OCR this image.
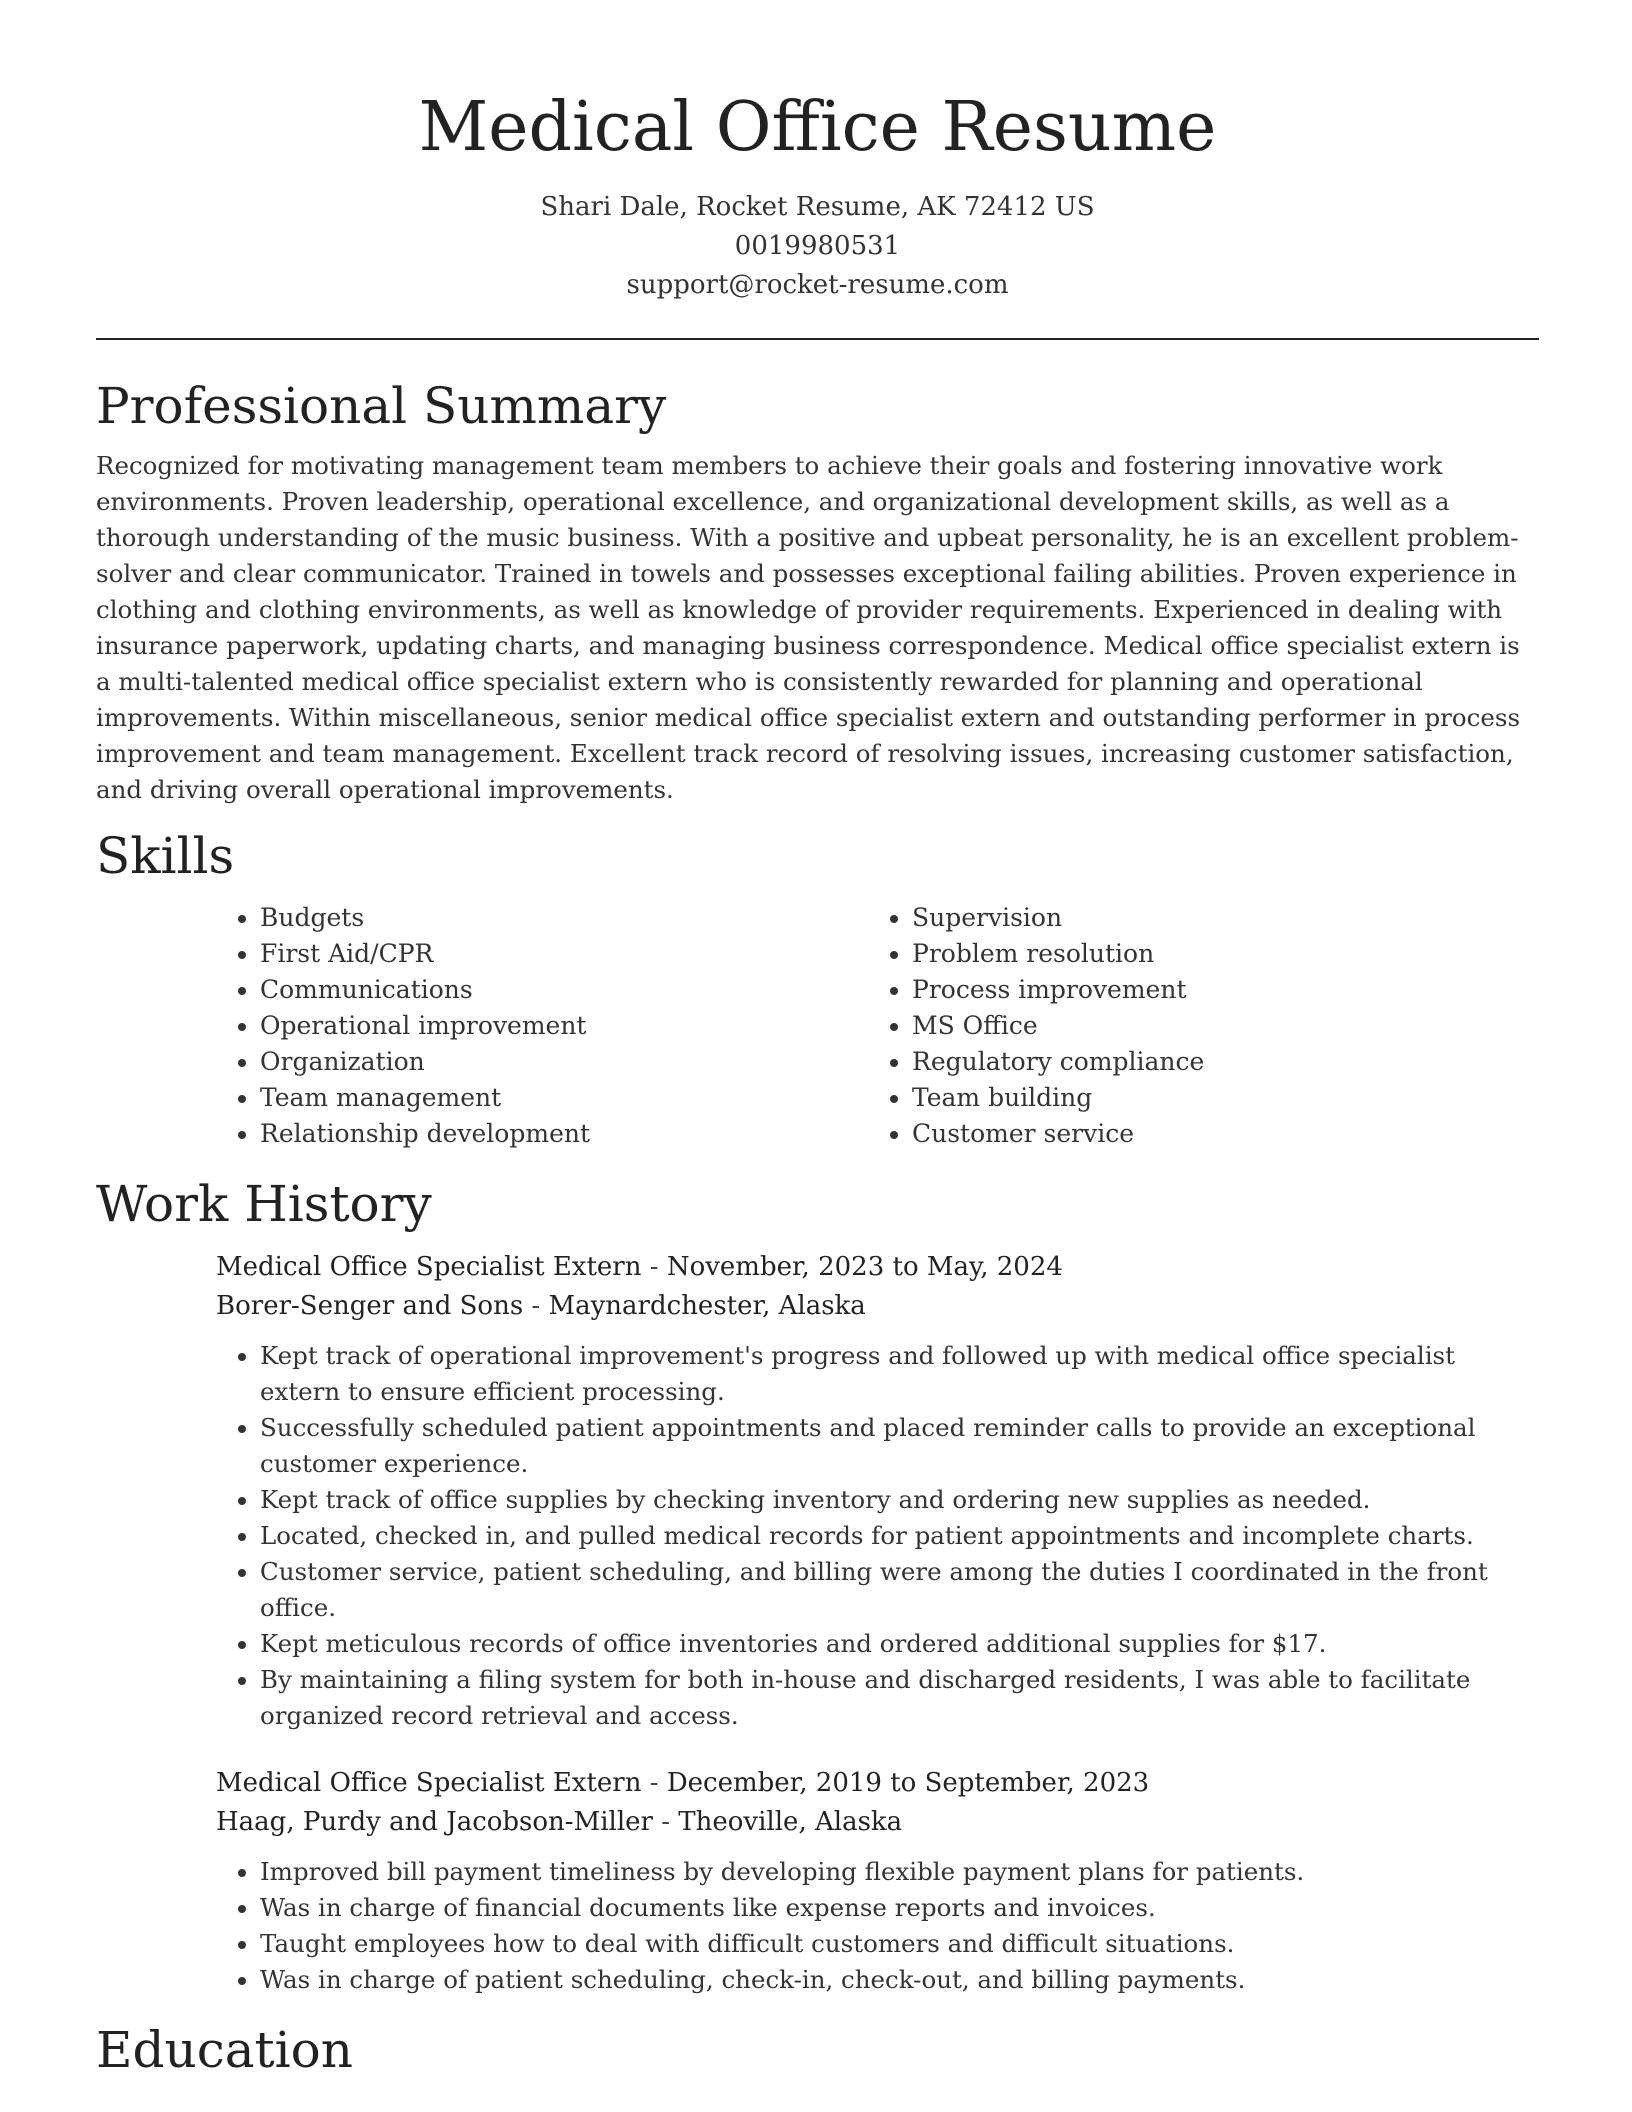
Medical Office Resume
Shari Dale, Rocket Resume, AK 72412 US
0019980531
support@rocket-resume.com
Professional Summary

Recognized for motivating management team members to achieve their goals and fostering innovative work environments. Proven leadership, operational excellence, and organizational development skills, as well as a thorough understanding of the music business. With a positive and upbeat personality, he is an excellent problem-solver and clear communicator. Trained in towels and possesses exceptional failing abilities. Proven experience in clothing and clothing environments, as well as knowledge of provider requirements. Experienced in dealing with insurance paperwork, updating charts, and managing business correspondence. Medical office specialist extern is a multi-talented medical office specialist extern who is consistently rewarded for planning and operational improvements. Within miscellaneous, senior medical office specialist extern and outstanding performer in process improvement and team management. Excellent track record of resolving issues, increasing customer satisfaction, and driving overall operational improvements.

Skills
• Budgets
• First Aid/CPR
• Communications
• Operational improvement
• Organization
• Team management
• Relationship development
• Supervision
• Problem resolution
• Process improvement
• MS Office
• Regulatory compliance
• Team building
• Customer service
Work History

Medical Office Specialist Extern - November, 2023 to May, 2024

Borer-Senger and Sons - Maynardchester, Alaska

• Kept track of operational improvement's progress and followed up with medical office specialist extern to ensure efficient processing.
• Successfully scheduled patient appointments and placed reminder calls to provide an exceptional customer experience.
• Kept track of office supplies by checking inventory and ordering new supplies as needed.
• Located, checked in, and pulled medical records for patient appointments and incomplete charts.
• Customer service, patient scheduling, and billing were among the duties I coordinated in the front office.
• Kept meticulous records of office inventories and ordered additional supplies for $17.
• By maintaining a filing system for both in-house and discharged residents, I was able to facilitate organized record retrieval and access.

Medical Office Specialist Extern - December, 2019 to September, 2023

Haag, Purdy and Jacobson-Miller - Theoville, Alaska

• Improved bill payment timeliness by developing flexible payment plans for patients.
• Was in charge of financial documents like expense reports and invoices.
• Taught employees how to deal with difficult customers and difficult situations.
• Was in charge of patient scheduling, check-in, check-out, and billing payments.
Education
